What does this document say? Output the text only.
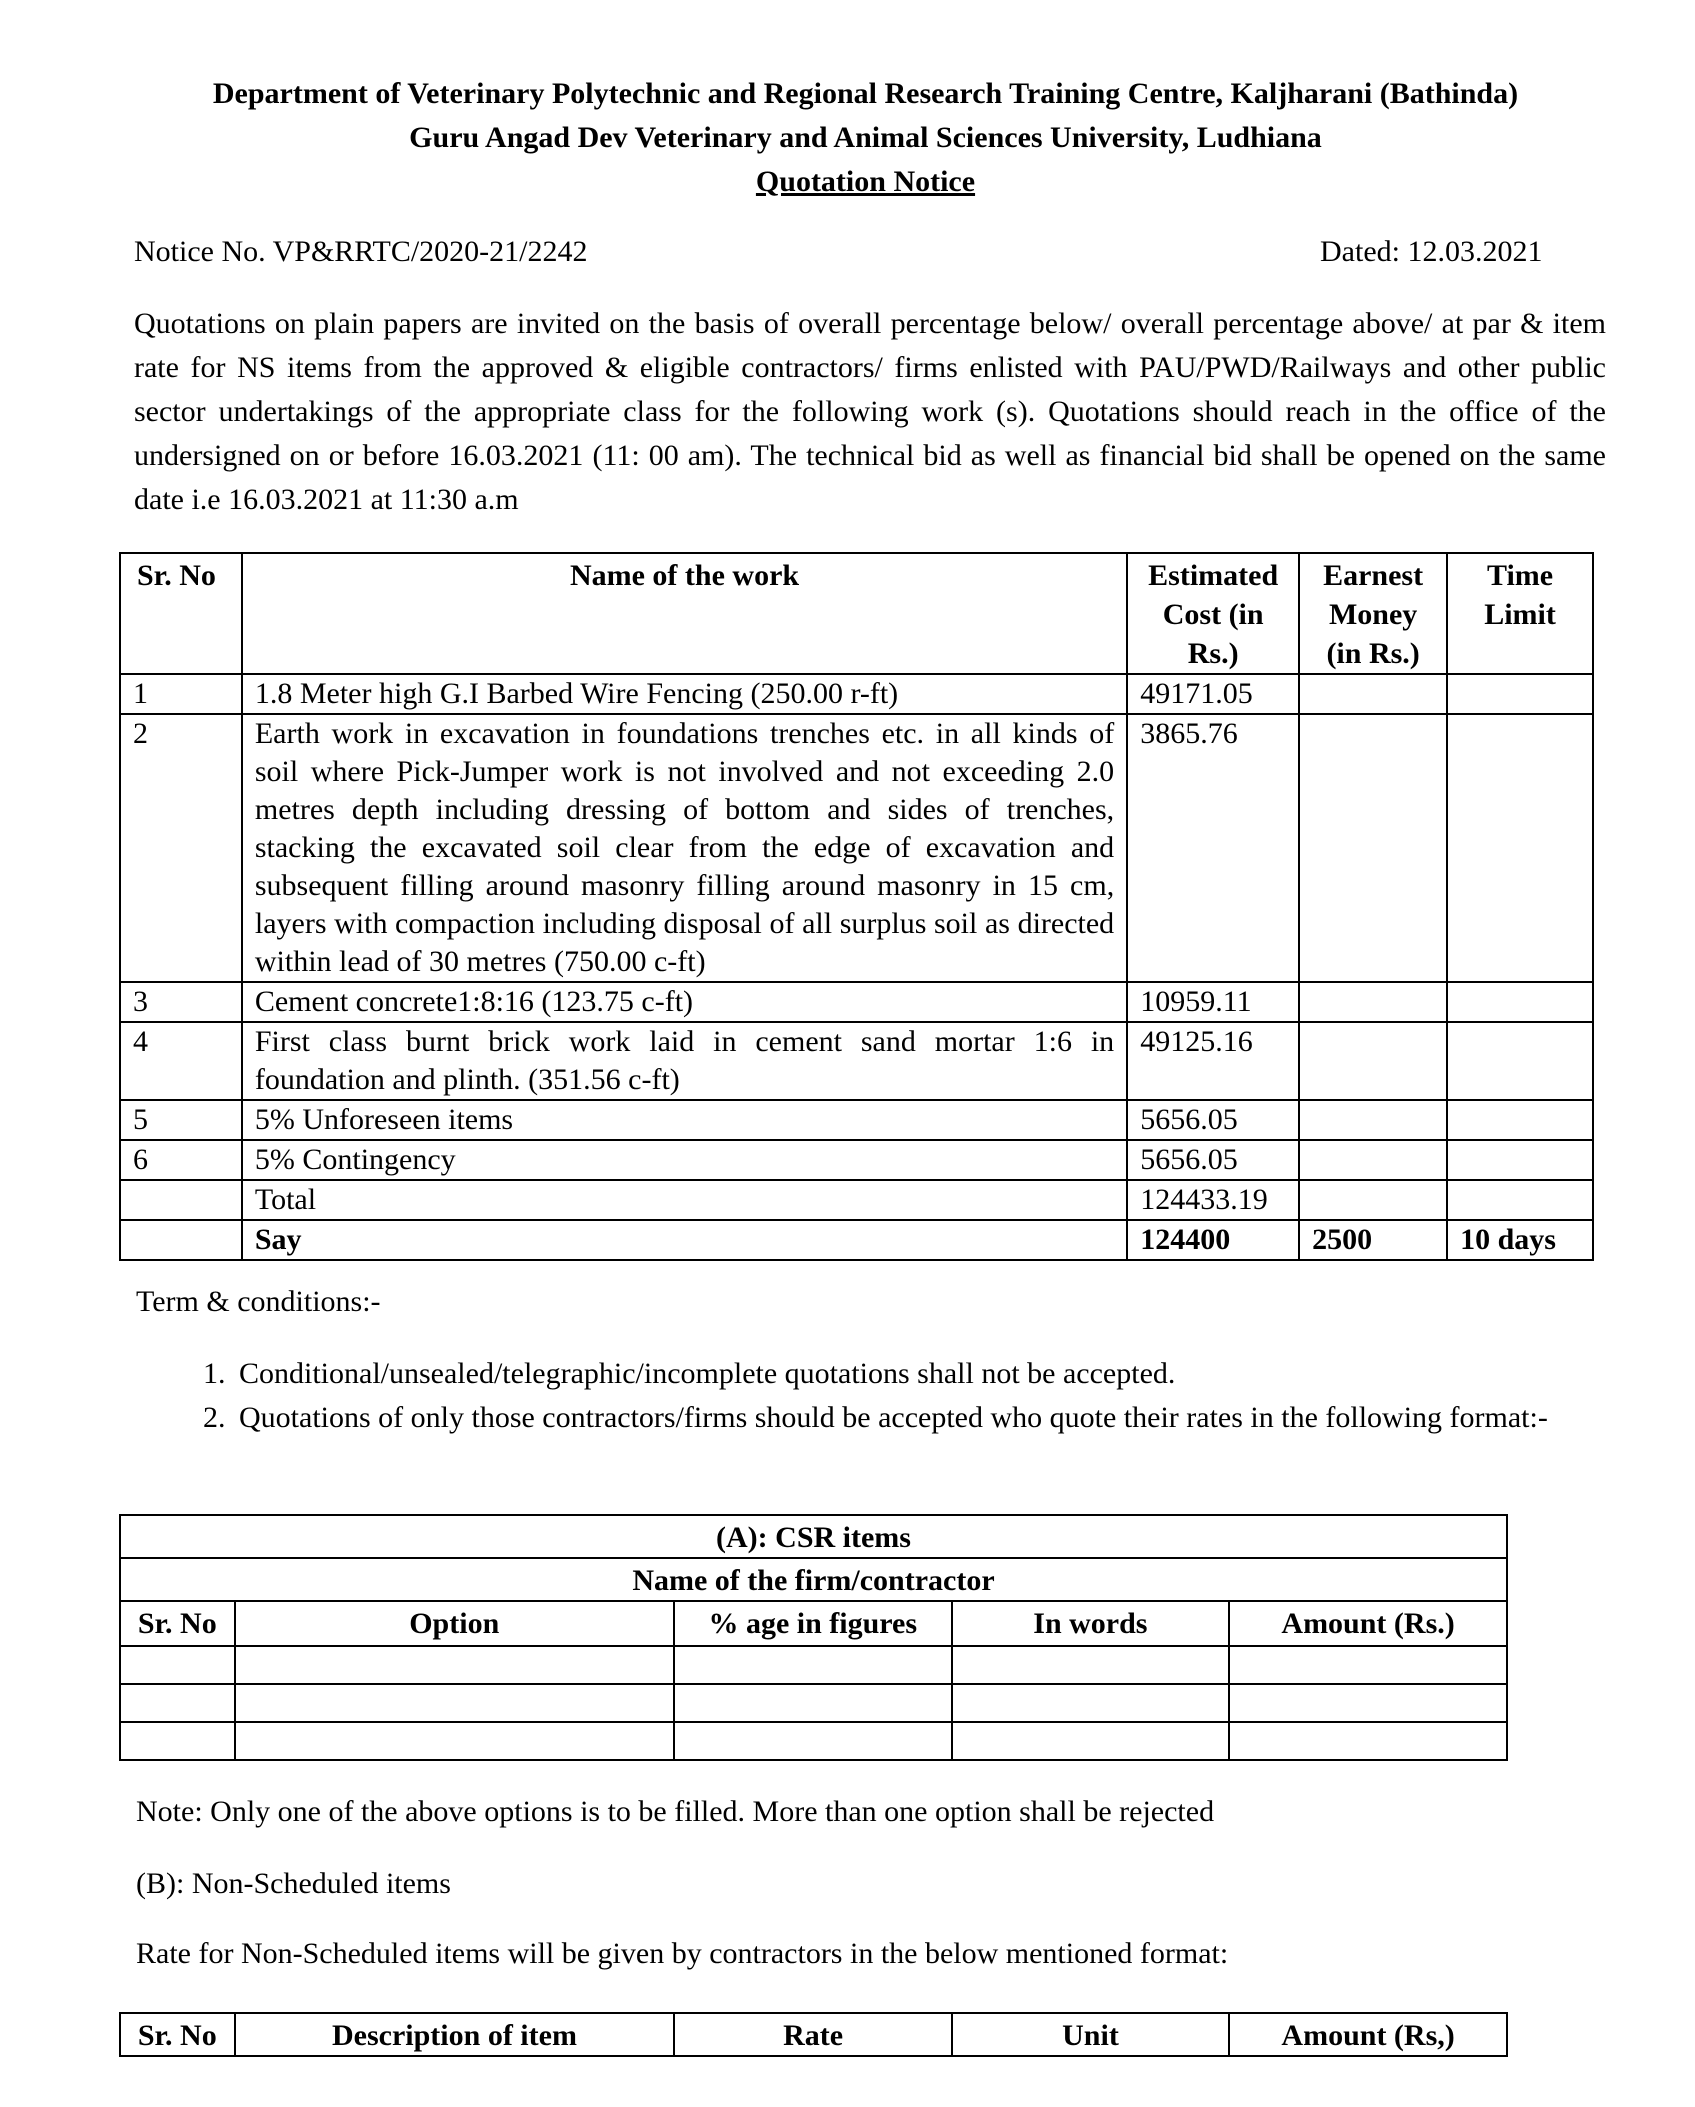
Department of Veterinary Polytechnic and Regional Research Training Centre, Kaljharani (Bathinda)
Guru Angad Dev Veterinary and Animal Sciences University, Ludhiana
Quotation Notice
Notice No. VP&RRTC/2020-21/2242	Dated: 12.03.2021
Quotations on plain papers are invited on the basis of overall percentage below/ overall percentage above/ at par & item rate for NS items from the approved & eligible contractors/ firms enlisted with PAU/PWD/Railways and other public sector undertakings of the appropriate class for the following work (s). Quotations should reach in the office of the undersigned on or before 16.03.2021 (11: 00 am). The technical bid as well as financial bid shall be opened on the same date i.e 16.03.2021 at 11:30 a.m
Sr. No	Name of the work	Estimated Cost (in Rs.)	Earnest Money (in Rs.)	Time Limit
1	1.8 Meter high G.I Barbed Wire Fencing (250.00 r-ft)	49171.05		
2	Earth work in excavation in foundations trenches etc. in all kinds of soil where Pick-Jumper work is not involved and not exceeding 2.0 metres depth including dressing of bottom and sides of trenches, stacking the excavated soil clear from the edge of excavation and subsequent filling around masonry filling around masonry in 15 cm, layers with compaction including disposal of all surplus soil as directed within lead of 30 metres (750.00 c-ft)	3865.76		
3	Cement concrete1:8:16 (123.75 c-ft)	10959.11		
4	First class burnt brick work laid in cement sand mortar 1:6 in foundation and plinth. (351.56 c-ft)	49125.16		
5	5% Unforeseen items	5656.05		
6	5% Contingency	5656.05		
	Total	124433.19		
	Say	124400	2500	10 days
Term & conditions:-
1. Conditional/unsealed/telegraphic/incomplete quotations shall not be accepted.
2. Quotations of only those contractors/firms should be accepted who quote their rates in the following format:-
(A): CSR items				
Name of the firm/contractor				
Sr. No	Option	% age in figures	In words	Amount (Rs.)

Note: Only one of the above options is to be filled. More than one option shall be rejected
(B): Non-Scheduled items
Rate for Non-Scheduled items will be given by contractors in the below mentioned format:
Sr. No	Description of item	Rate	Unit	Amount (Rs,)
